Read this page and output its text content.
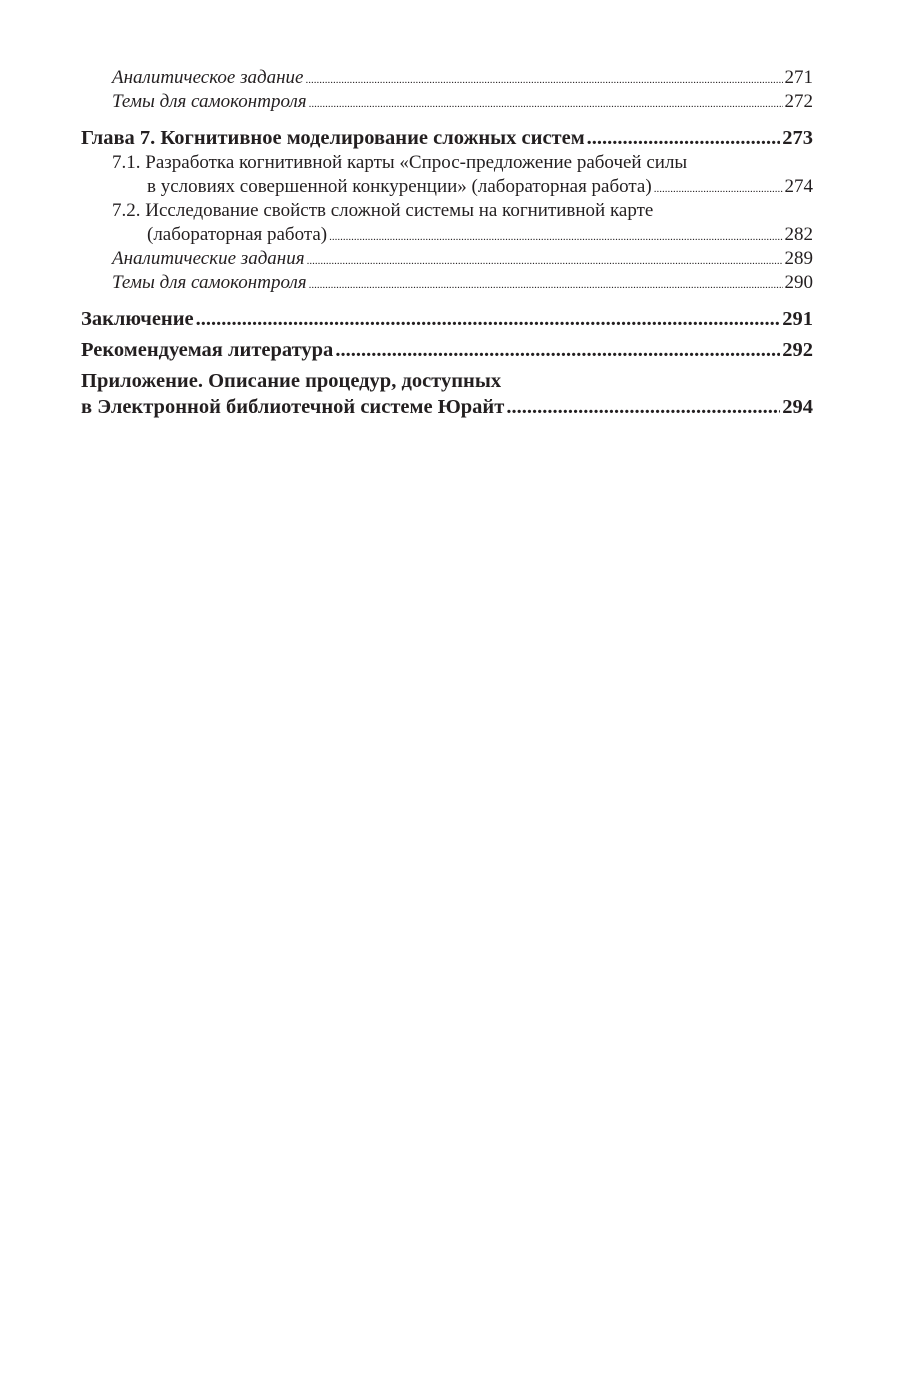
Аналитическое задание .....	271
Темы для самоконтроля .....	272
Глава 7. Когнитивное моделирование сложных систем .....	273
7.1. Разработка когнитивной карты «Спрос-предложение рабочей силы
в условиях совершенной конкуренции» (лабораторная работа) .....	274
7.2. Исследование свойств сложной системы на когнитивной карте
(лабораторная работа) .....	282
Аналитические задания .....	289
Темы для самоконтроля .....	290
Заключение .....	291
Рекомендуемая литература .....	292
Приложение. Описание процедур, доступных
в Электронной библиотечной системе Юрайт .....	294
